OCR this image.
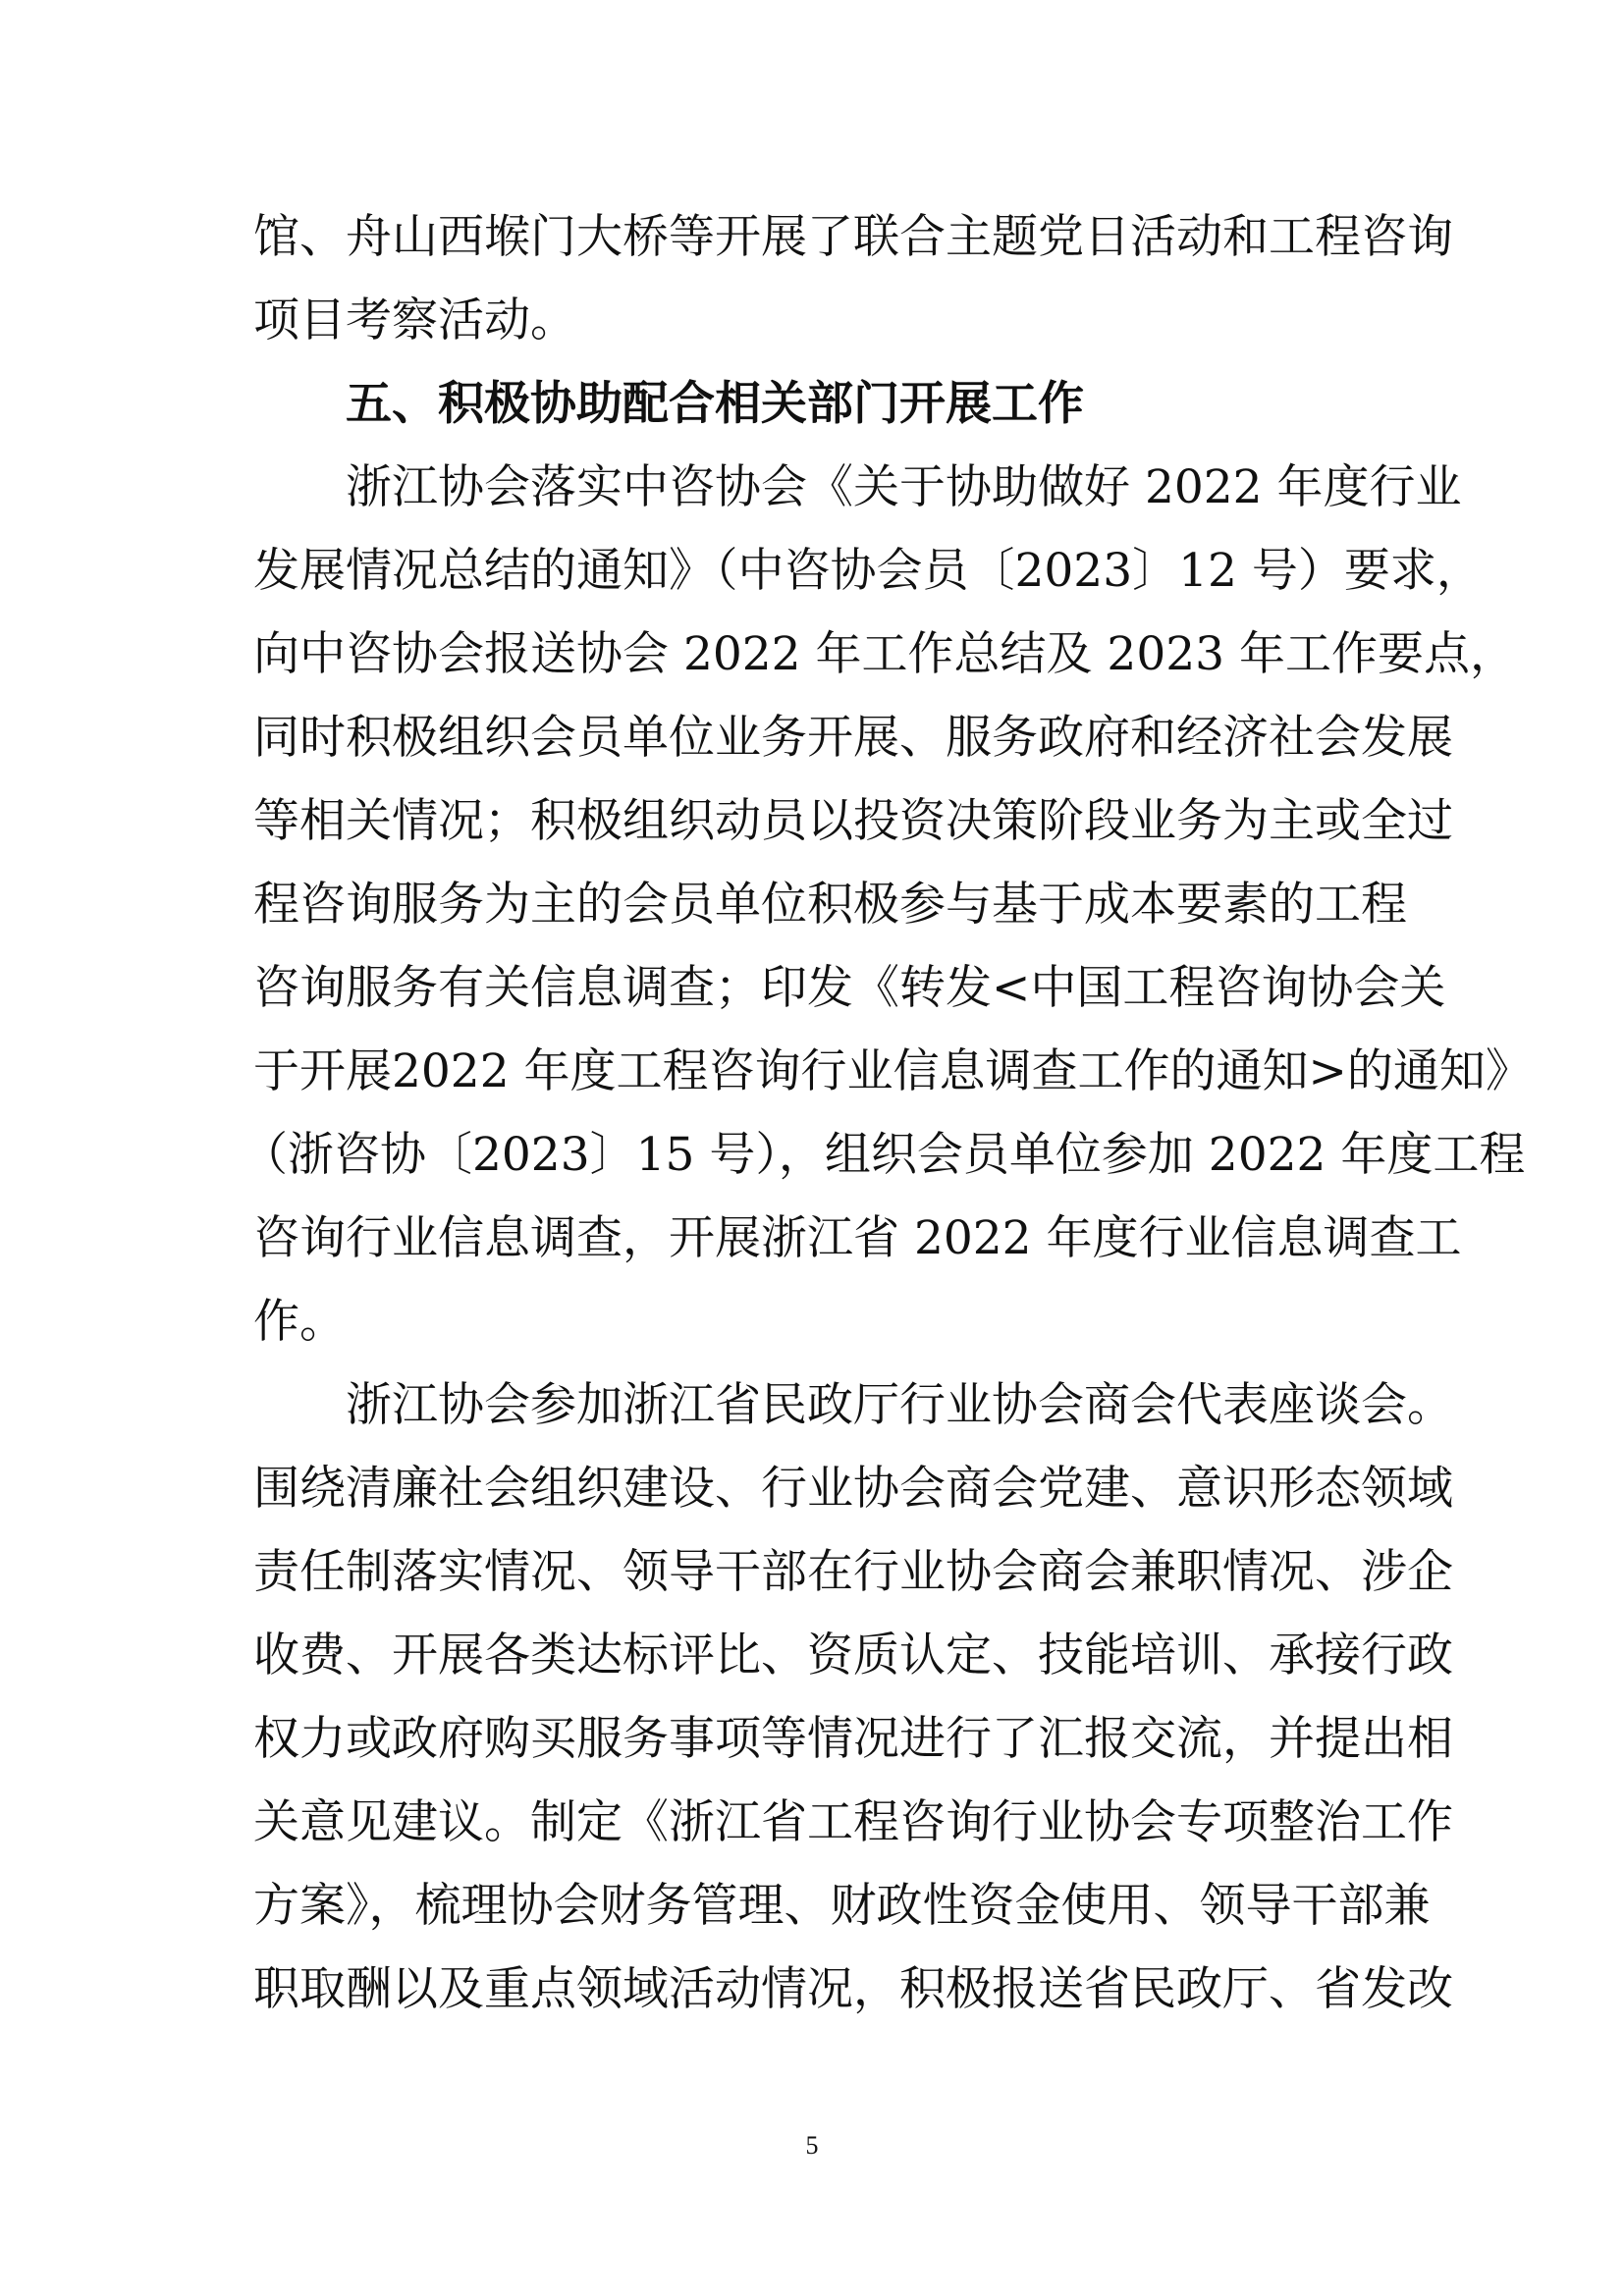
馆、舟山西堠门大桥等开展了联合主题党日活动和工程咨询
项目考察活动。
五、积极协助配合相关部门开展工作
浙江协会落实中咨协会《关于协助做好 2022 年度行业
发展情况总结的通知》（中咨协会员〔2023〕12 号）要求，
向中咨协会报送协会 2022 年工作总结及 2023 年工作要点，
同时积极组织会员单位业务开展、服务政府和经济社会发展
等相关情况；积极组织动员以投资决策阶段业务为主或全过
程咨询服务为主的会员单位积极参与基于成本要素的工程
咨询服务有关信息调查；印发《转发<中国工程咨询协会关
于开展2022 年度工程咨询行业信息调查工作的通知>的通知》
（浙咨协〔2023〕15 号），组织会员单位参加 2022 年度工程
咨询行业信息调查，开展浙江省 2022 年度行业信息调查工
作。
浙江协会参加浙江省民政厅行业协会商会代表座谈会。
围绕清廉社会组织建设、行业协会商会党建、意识形态领域
责任制落实情况、领导干部在行业协会商会兼职情况、涉企
收费、开展各类达标评比、资质认定、技能培训、承接行政
权力或政府购买服务事项等情况进行了汇报交流，并提出相
关意见建议。制定《浙江省工程咨询行业协会专项整治工作
方案》，梳理协会财务管理、财政性资金使用、领导干部兼
职取酬以及重点领域活动情况，积极报送省民政厅、省发改
5
